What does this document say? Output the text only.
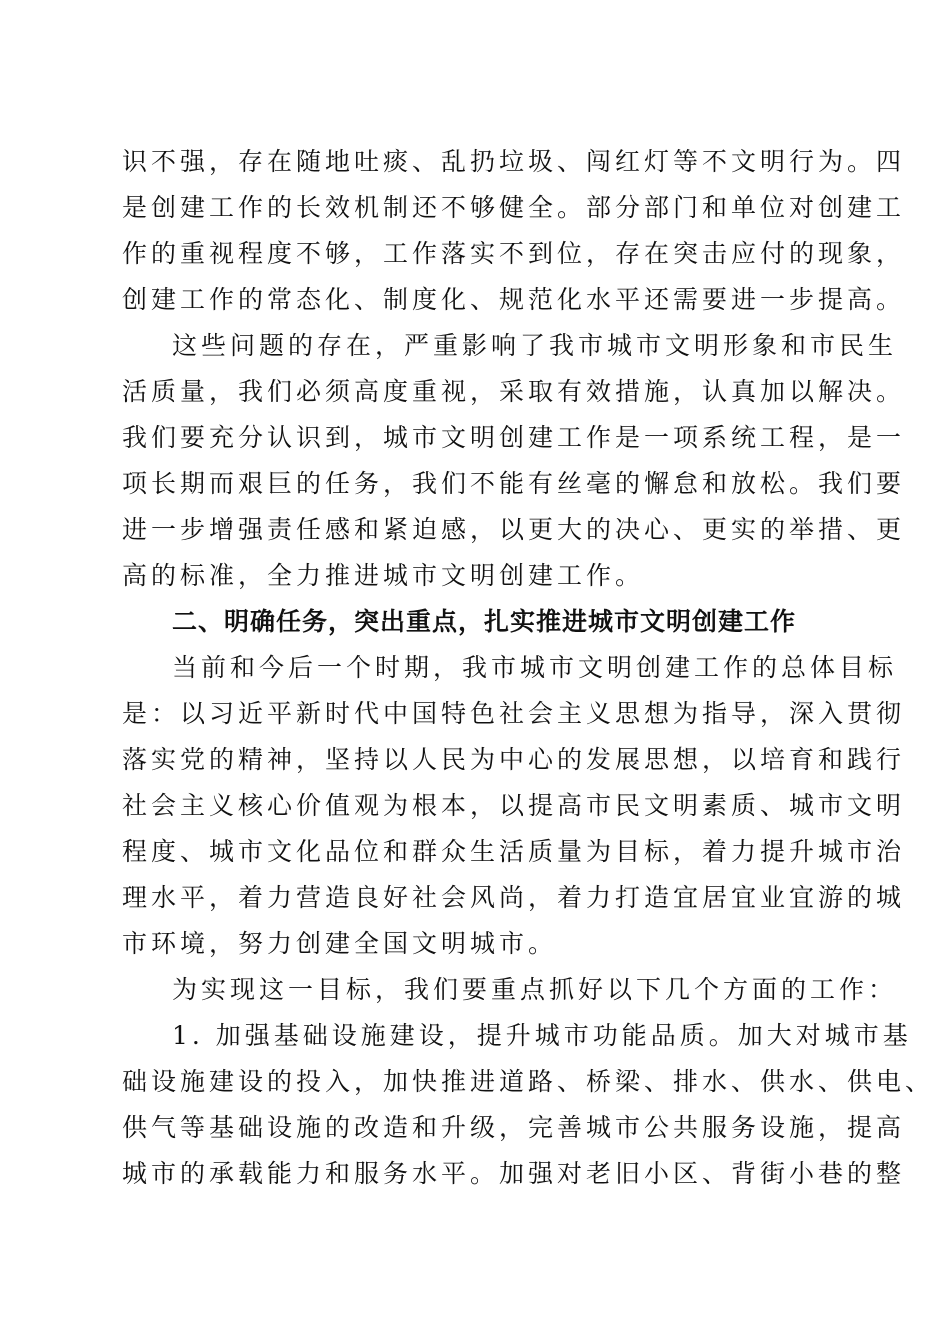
识不强，存在随地吐痰、乱扔垃圾、闯红灯等不文明行为。四
是创建工作的长效机制还不够健全。部分部门和单位对创建工
作的重视程度不够，工作落实不到位，存在突击应付的现象，
创建工作的常态化、制度化、规范化水平还需要进一步提高。
这些问题的存在，严重影响了我市城市文明形象和市民生
活质量，我们必须高度重视，采取有效措施，认真加以解决。
我们要充分认识到，城市文明创建工作是一项系统工程，是一
项长期而艰巨的任务，我们不能有丝毫的懈怠和放松。我们要
进一步增强责任感和紧迫感，以更大的决心、更实的举措、更
高的标准，全力推进城市文明创建工作。
二、明确任务，突出重点，扎实推进城市文明创建工作
当前和今后一个时期，我市城市文明创建工作的总体目标
是：以习近平新时代中国特色社会主义思想为指导，深入贯彻
落实党的精神，坚持以人民为中心的发展思想，以培育和践行
社会主义核心价值观为根本，以提高市民文明素质、城市文明
程度、城市文化品位和群众生活质量为目标，着力提升城市治
理水平，着力营造良好社会风尚，着力打造宜居宜业宜游的城
市环境，努力创建全国文明城市。
为实现这一目标，我们要重点抓好以下几个方面的工作：
1. 加强基础设施建设，提升城市功能品质。加大对城市基
础设施建设的投入，加快推进道路、桥梁、排水、供水、供电、
供气等基础设施的改造和升级，完善城市公共服务设施，提高
城市的承载能力和服务水平。加强对老旧小区、背街小巷的整
